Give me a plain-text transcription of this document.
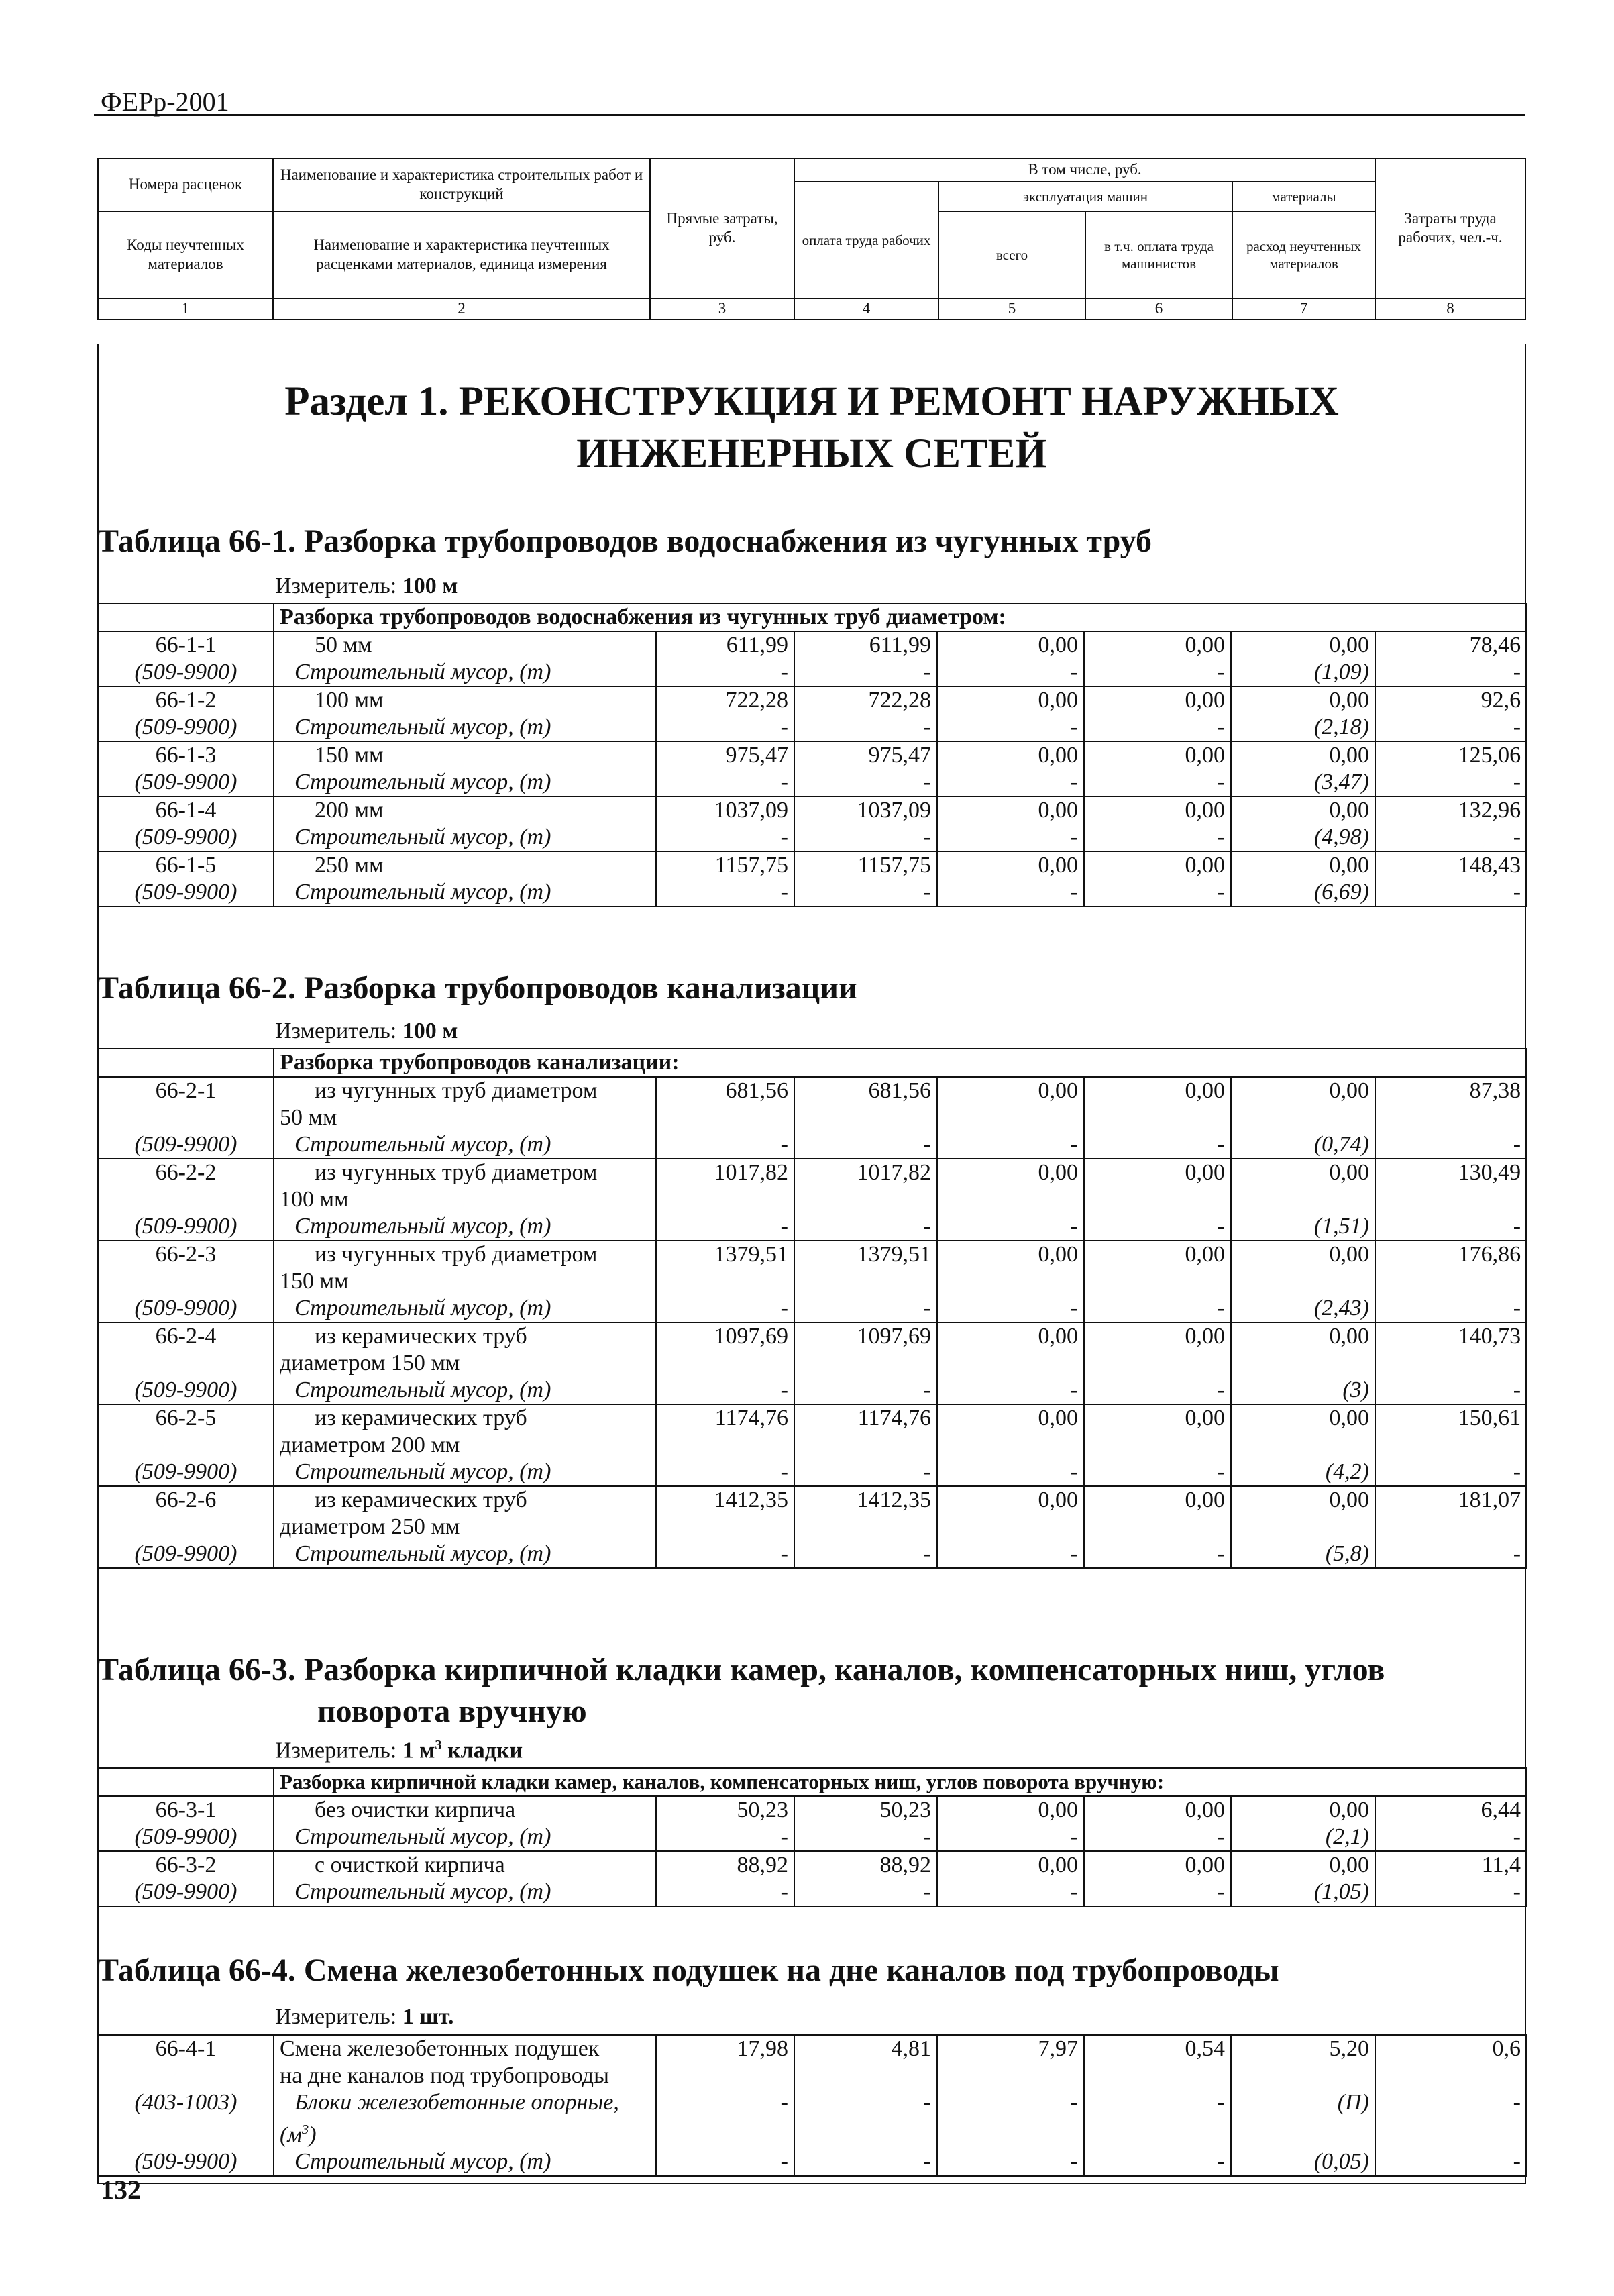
ФЕРр-2001
Номера расценок	Наименование и характеристика строительных работ и конструкций	Прямые затраты, руб.	В том числе, руб.				Затраты труда рабочих, чел.-ч.
			оплата труда рабочих	эксплуатация машин		материалы	
Коды неучтенных материалов	Наименование и характеристика неучтенных расценками материалов, единица измерения			всего	в т.ч. оплата труда машинистов	расход неучтенных материалов	

1	2	3	4	5	6	7	8
Раздел 1. РЕКОНСТРУКЦИЯ И РЕМОНТ НАРУЖНЫХ ИНЖЕНЕРНЫХ СЕТЕЙ
Таблица 66-1. Разборка трубопроводов водоснабжения из чугунных труб
Измеритель: 100 м
	Разборка трубопроводов водоснабжения из чугунных труб диаметром:						
66-1-1	50 мм	611,99	611,99	0,00	0,00	0,00	78,46
(509-9900)	Строительный мусор, (т)	-	-	-	-	(1,09)	-
66-1-2	100 мм	722,28	722,28	0,00	0,00	0,00	92,6
(509-9900)	Строительный мусор, (т)	-	-	-	-	(2,18)	-
66-1-3	150 мм	975,47	975,47	0,00	0,00	0,00	125,06
(509-9900)	Строительный мусор, (т)	-	-	-	-	(3,47)	-
66-1-4	200 мм	1037,09	1037,09	0,00	0,00	0,00	132,96
(509-9900)	Строительный мусор, (т)	-	-	-	-	(4,98)	-
66-1-5	250 мм	1157,75	1157,75	0,00	0,00	0,00	148,43
(509-9900)	Строительный мусор, (т)	-	-	-	-	(6,69)	-
Таблица 66-2. Разборка трубопроводов канализации
Измеритель: 100 м
	Разборка трубопроводов канализации:						
66-2-1	из чугунных труб диаметром	681,56	681,56	0,00	0,00	0,00	87,38
	50 мм						
(509-9900)	Строительный мусор, (т)	-	-	-	-	(0,74)	-
66-2-2	из чугунных труб диаметром	1017,82	1017,82	0,00	0,00	0,00	130,49
	100 мм						
(509-9900)	Строительный мусор, (т)	-	-	-	-	(1,51)	-
66-2-3	из чугунных труб диаметром	1379,51	1379,51	0,00	0,00	0,00	176,86
	150 мм						
(509-9900)	Строительный мусор, (т)	-	-	-	-	(2,43)	-
66-2-4	из керамических труб	1097,69	1097,69	0,00	0,00	0,00	140,73
	диаметром 150 мм						
(509-9900)	Строительный мусор, (т)	-	-	-	-	(3)	-
66-2-5	из керамических труб	1174,76	1174,76	0,00	0,00	0,00	150,61
	диаметром 200 мм						
(509-9900)	Строительный мусор, (т)	-	-	-	-	(4,2)	-
66-2-6	из керамических труб	1412,35	1412,35	0,00	0,00	0,00	181,07
	диаметром 250 мм						
(509-9900)	Строительный мусор, (т)	-	-	-	-	(5,8)	-
Таблица 66-3. Разборка кирпичной кладки камер, каналов, компенсаторных ниш, углов
поворота вручную
Измеритель: 1 $м^3$ кладки
	Разборка кирпичной кладки камер, каналов, компенсаторных ниш, углов поворота вручную:						
66-3-1	без очистки кирпича	50,23	50,23	0,00	0,00	0,00	6,44
(509-9900)	Строительный мусор, (т)	-	-	-	-	(2,1)	-
66-3-2	с очисткой кирпича	88,92	88,92	0,00	0,00	0,00	11,4
(509-9900)	Строительный мусор, (т)	-	-	-	-	(1,05)	-
Таблица 66-4. Смена железобетонных подушек на дне каналов под трубопроводы
Измеритель: 1 шт.
66-4-1	Смена железобетонных подушек	17,98	4,81	7,97	0,54	5,20	0,6
	на дне каналов под трубопроводы						
(403-1003)	Блоки железобетонные опорные,	-	-	-	-	(П)	-
	$(м^3)$						
(509-9900)	Строительный мусор, (т)	-	-	-	-	(0,05)	-
132
